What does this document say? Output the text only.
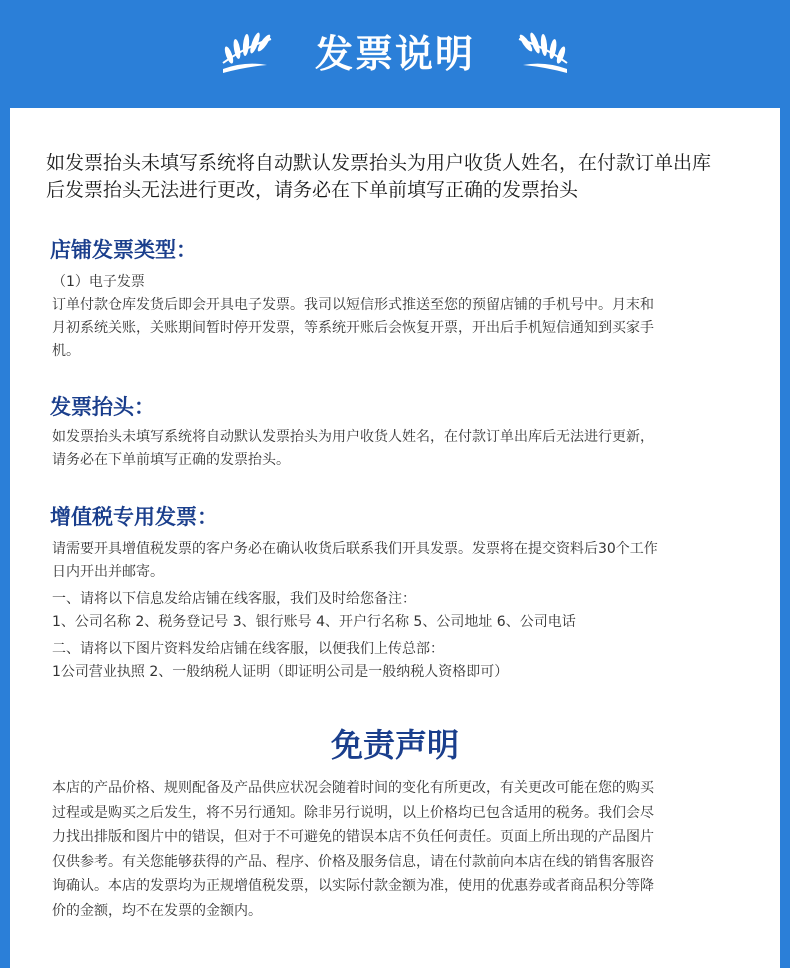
发票说明
如发票抬头未填写系统将自动默认发票抬头为用户收货人姓名，在付款订单出库
后发票抬头无法进行更改，请务必在下单前填写正确的发票抬头
店铺发票类型：
（1）电子发票
订单付款仓库发货后即会开具电子发票。我司以短信形式推送至您的预留店铺的手机号中。月末和
月初系统关账，关账期间暂时停开发票，等系统开账后会恢复开票，开出后手机短信通知到买家手
机。
发票抬头：
如发票抬头未填写系统将自动默认发票抬头为用户收货人姓名，在付款订单出库后无法进行更新，
请务必在下单前填写正确的发票抬头。
增值税专用发票：
请需要开具增值税发票的客户务必在确认收货后联系我们开具发票。发票将在提交资料后30个工作
日内开出并邮寄。
一、请将以下信息发给店铺在线客服，我们及时给您备注：
1、公司名称 2、税务登记号 3、银行账号 4、开户行名称 5、公司地址 6、公司电话
二、请将以下图片资料发给店铺在线客服，以便我们上传总部：
1公司营业执照 2、一般纳税人证明（即证明公司是一般纳税人资格即可）
免责声明
本店的产品价格、规则配备及产品供应状况会随着时间的变化有所更改，有关更改可能在您的购买
过程或是购买之后发生，将不另行通知。除非另行说明，以上价格均已包含适用的税务。我们会尽
力找出排版和图片中的错误，但对于不可避免的错误本店不负任何责任。页面上所出现的产品图片
仅供参考。有关您能够获得的产品、程序、价格及服务信息，请在付款前向本店在线的销售客服咨
询确认。本店的发票均为正规增值税发票，以实际付款金额为准，使用的优惠券或者商品积分等降
价的金额，均不在发票的金额内。
